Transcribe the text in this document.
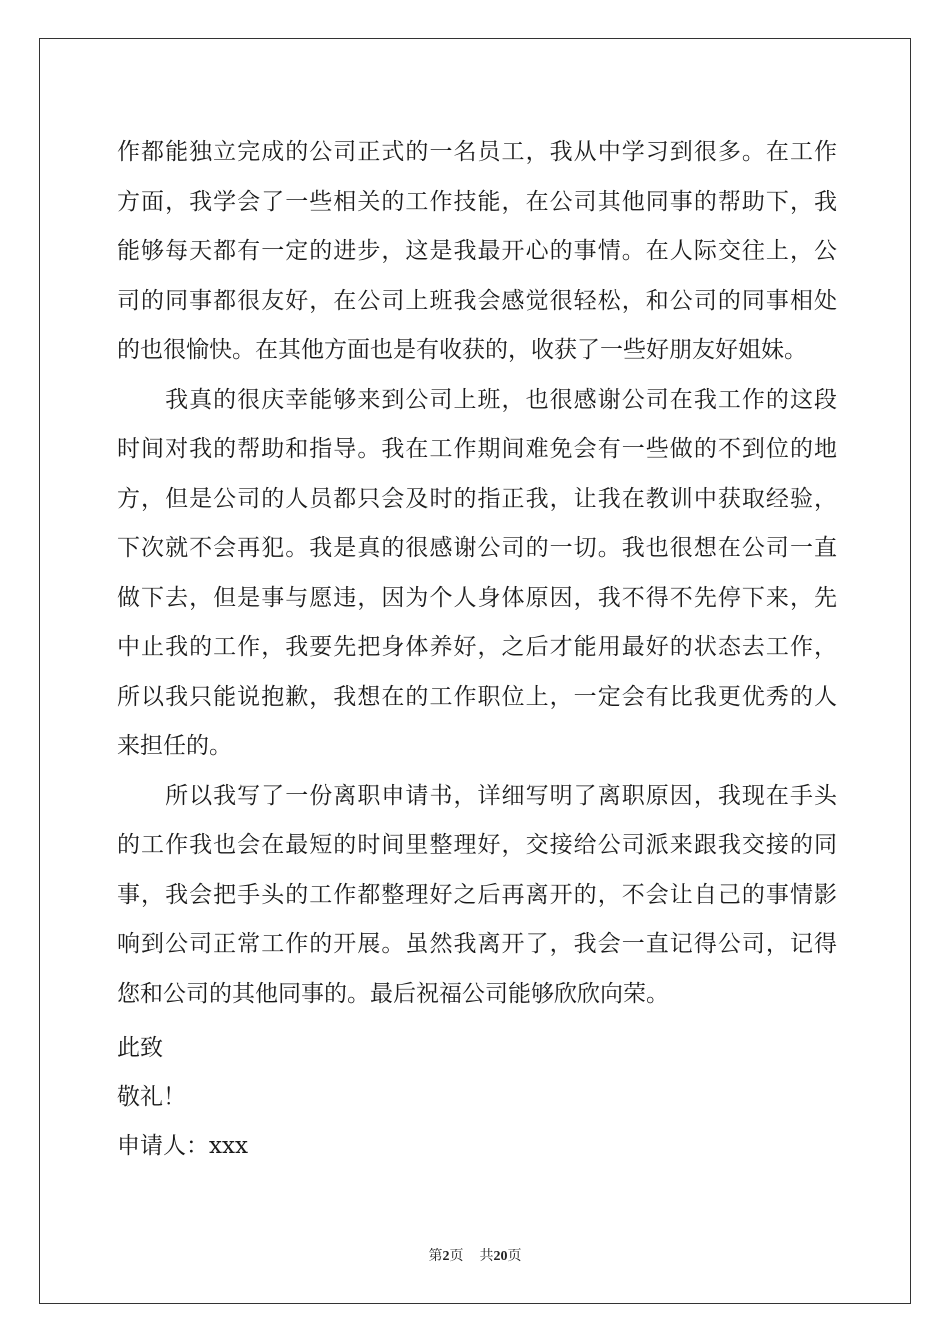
作都能独立完成的公司正式的一名员工，我从中学习到很多。在工作
方面，我学会了一些相关的工作技能，在公司其他同事的帮助下，我
能够每天都有一定的进步，这是我最开心的事情。在人际交往上，公
司的同事都很友好，在公司上班我会感觉很轻松，和公司的同事相处
的也很愉快。在其他方面也是有收获的，收获了一些好朋友好姐妹。
　　我真的很庆幸能够来到公司上班，也很感谢公司在我工作的这段
时间对我的帮助和指导。我在工作期间难免会有一些做的不到位的地
方，但是公司的人员都只会及时的指正我，让我在教训中获取经验，
下次就不会再犯。我是真的很感谢公司的一切。我也很想在公司一直
做下去，但是事与愿违，因为个人身体原因，我不得不先停下来，先
中止我的工作，我要先把身体养好，之后才能用最好的状态去工作，
所以我只能说抱歉，我想在的工作职位上，一定会有比我更优秀的人
来担任的。
　　所以我写了一份离职申请书，详细写明了离职原因，我现在手头
的工作我也会在最短的时间里整理好，交接给公司派来跟我交接的同
事，我会把手头的工作都整理好之后再离开的，不会让自己的事情影
响到公司正常工作的开展。虽然我离开了，我会一直记得公司，记得
您和公司的其他同事的。最后祝福公司能够欣欣向荣。
此致
敬礼！
申请人：xxx
第2页 共20页
